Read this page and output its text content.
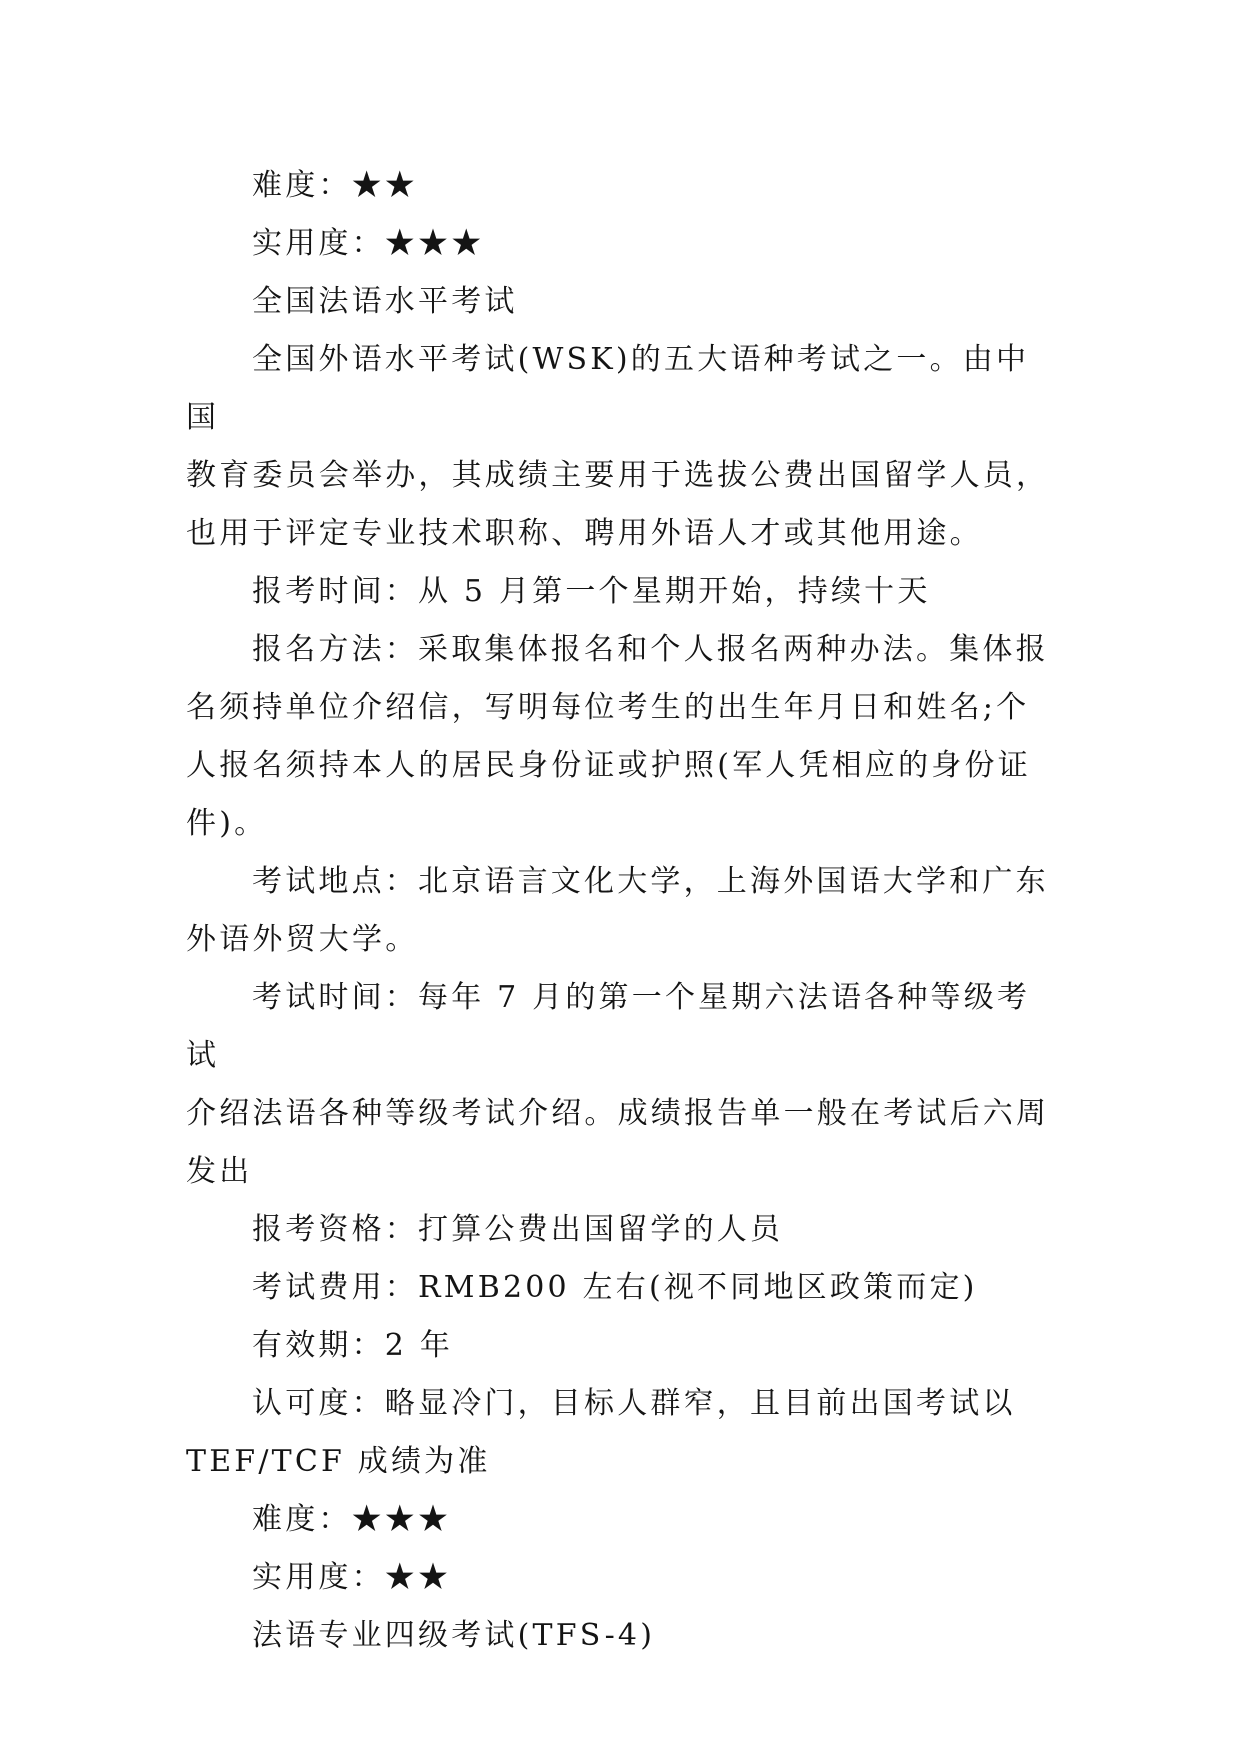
难度：★★

实用度：★★★

全国法语水平考试

全国外语水平考试(WSK)的五大语种考试之一。由中国
教育委员会举办，其成绩主要用于选拔公费出国留学人员，
也用于评定专业技术职称、聘用外语人才或其他用途。

报考时间：从 5 月第一个星期开始，持续十天

报名方法：采取集体报名和个人报名两种办法。集体报
名须持单位介绍信，写明每位考生的出生年月日和姓名;个
人报名须持本人的居民身份证或护照(军人凭相应的身份证
件)。

考试地点：北京语言文化大学，上海外国语大学和广东
外语外贸大学。

考试时间：每年 7 月的第一个星期六法语各种等级考试
介绍法语各种等级考试介绍。成绩报告单一般在考试后六周
发出

报考资格：打算公费出国留学的人员

考试费用：RMB200 左右(视不同地区政策而定)

有效期：2 年

认可度：略显冷门，目标人群窄，且目前出国考试以
TEF/TCF 成绩为准

难度：★★★

实用度：★★

法语专业四级考试(TFS-4)
